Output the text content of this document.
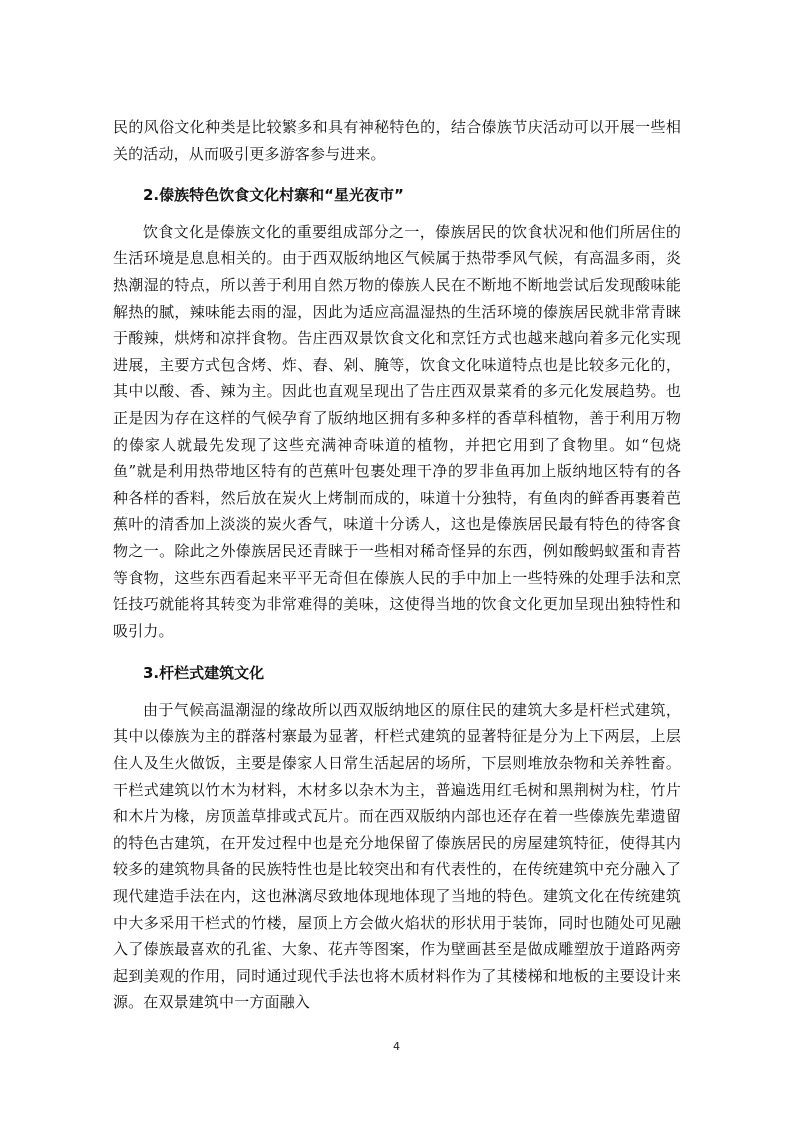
民的风俗文化种类是比较繁多和具有神秘特色的，结合傣族节庆活动可以开展一些相关的活动，从而吸引更多游客参与进来。

2.傣族特色饮食文化村寨和“星光夜市”

饮食文化是傣族文化的重要组成部分之一，傣族居民的饮食状况和他们所居住的生活环境是息息相关的。由于西双版纳地区气候属于热带季风气候，有高温多雨，炎热潮湿的特点，所以善于利用自然万物的傣族人民在不断地不断地尝试后发现酸味能解热的腻，辣味能去雨的湿，因此为适应高温湿热的生活环境的傣族居民就非常青睐于酸辣，烘烤和凉拌食物。告庄西双景饮食文化和烹饪方式也越来越向着多元化实现进展，主要方式包含烤、炸、舂、剁、腌等，饮食文化味道特点也是比较多元化的，其中以酸、香、辣为主。因此也直观呈现出了告庄西双景菜肴的多元化发展趋势。也正是因为存在这样的气候孕育了版纳地区拥有多种多样的香草科植物，善于利用万物的傣家人就最先发现了这些充满神奇味道的植物，并把它用到了食物里。如“包烧鱼”就是利用热带地区特有的芭蕉叶包裹处理干净的罗非鱼再加上版纳地区特有的各种各样的香料，然后放在炭火上烤制而成的，味道十分独特，有鱼肉的鲜香再裹着芭蕉叶的清香加上淡淡的炭火香气，味道十分诱人，这也是傣族居民最有特色的待客食物之一。除此之外傣族居民还青睐于一些相对稀奇怪异的东西，例如酸蚂蚁蛋和青苔等食物，这些东西看起来平平无奇但在傣族人民的手中加上一些特殊的处理手法和烹饪技巧就能将其转变为非常难得的美味，这使得当地的饮食文化更加呈现出独特性和吸引力。

3.杆栏式建筑文化

由于气候高温潮湿的缘故所以西双版纳地区的原住民的建筑大多是杆栏式建筑，其中以傣族为主的群落村寨最为显著，杆栏式建筑的显著特征是分为上下两层，上层住人及生火做饭，主要是傣家人日常生活起居的场所，下层则堆放杂物和关养牲畜。干栏式建筑以竹木为材料，木材多以杂木为主，普遍选用红毛树和黑荆树为柱，竹片和木片为椽，房顶盖草排或式瓦片。而在西双版纳内部也还存在着一些傣族先辈遗留的特色古建筑，在开发过程中也是充分地保留了傣族居民的房屋建筑特征，使得其内较多的建筑物具备的民族特性也是比较突出和有代表性的，在传统建筑中充分融入了现代建造手法在内，这也淋漓尽致地体现地体现了当地的特色。建筑文化在传统建筑中大多采用干栏式的竹楼，屋顶上方会做火焰状的形状用于装饰，同时也随处可见融入了傣族最喜欢的孔雀、大象、花卉等图案，作为壁画甚至是做成雕塑放于道路两旁起到美观的作用，同时通过现代手法也将木质材料作为了其楼梯和地板的主要设计来源。在双景建筑中一方面融入

4
